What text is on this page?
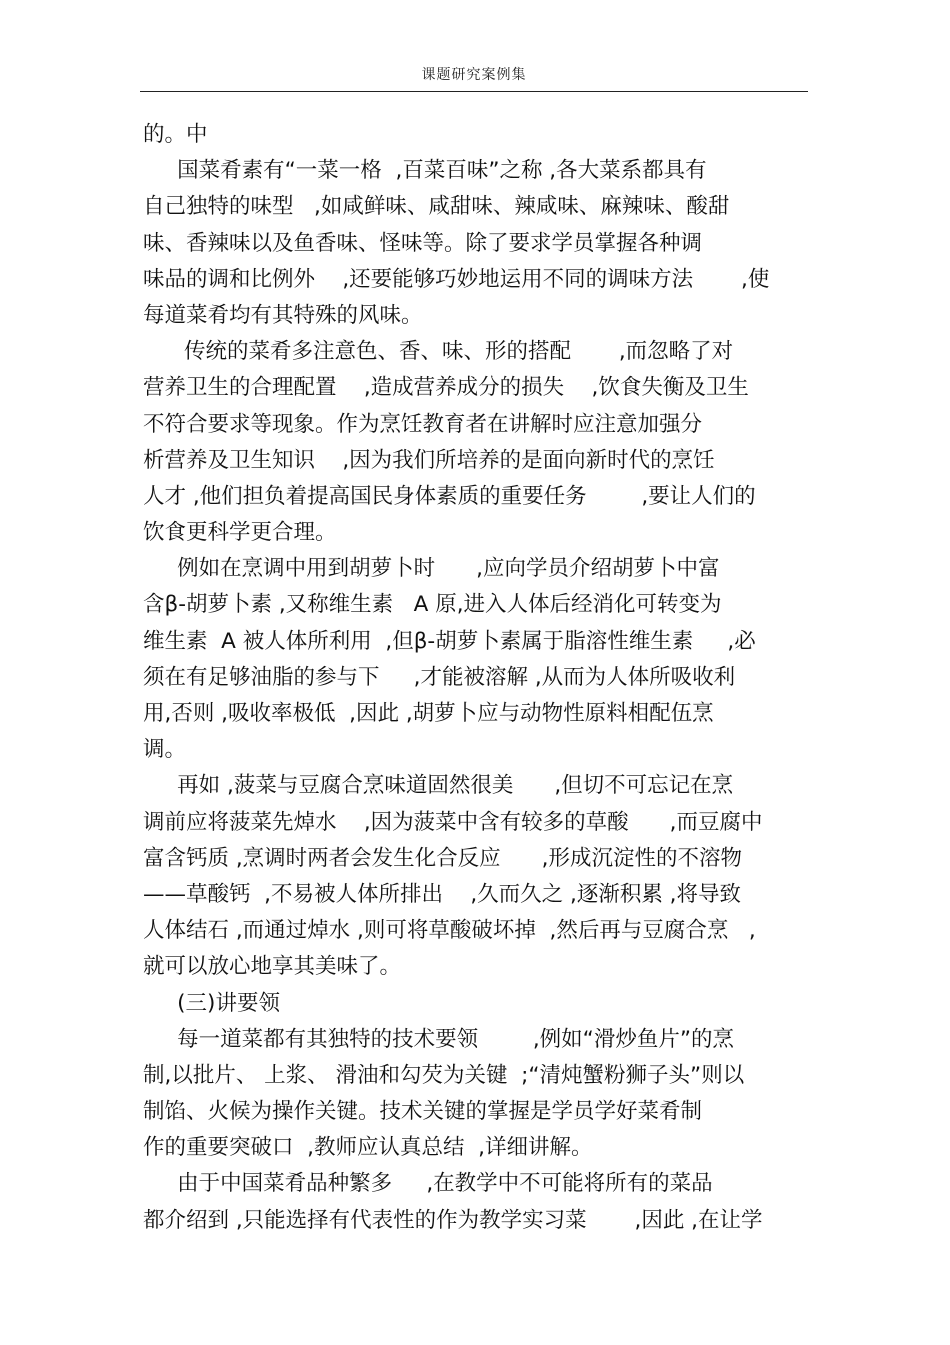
课题研究案例集

的。中

国菜肴素有“一菜一格  ,百菜百味”之称 ,各大菜系都具有

自己独特的味型   ,如咸鲜味、咸甜味、辣咸味、麻辣味、酸甜

味、香辣味以及鱼香味、怪味等。除了要求学员掌握各种调

味品的调和比例外    ,还要能够巧妙地运用不同的调味方法       ,使

每道菜肴均有其特殊的风味。

传统的菜肴多注意色、香、味、形的搭配       ,而忽略了对

营养卫生的合理配置    ,造成营养成分的损失    ,饮食失衡及卫生

不符合要求等现象。作为烹饪教育者在讲解时应注意加强分

析营养及卫生知识    ,因为我们所培养的是面向新时代的烹饪

人才 ,他们担负着提高国民身体素质的重要任务        ,要让人们的

饮食更科学更合理。

例如在烹调中用到胡萝卜时      ,应向学员介绍胡萝卜中富

含β-胡萝卜素 ,又称维生素   A 原,进入人体后经消化可转变为

维生素  A 被人体所利用  ,但β-胡萝卜素属于脂溶性维生素     ,必

须在有足够油脂的参与下     ,才能被溶解 ,从而为人体所吸收利

用,否则 ,吸收率极低  ,因此 ,胡萝卜应与动物性原料相配伍烹

调。

再如 ,菠菜与豆腐合烹味道固然很美      ,但切不可忘记在烹

调前应将菠菜先焯水    ,因为菠菜中含有较多的草酸      ,而豆腐中

富含钙质 ,烹调时两者会发生化合反应      ,形成沉淀性的不溶物

——草酸钙  ,不易被人体所排出    ,久而久之 ,逐渐积累 ,将导致

人体结石 ,而通过焯水 ,则可将草酸破坏掉  ,然后再与豆腐合烹   ,

就可以放心地享其美味了。

(三)讲要领

每一道菜都有其独特的技术要领        ,例如“滑炒鱼片”的烹

制,以批片、 上浆、 滑油和勾芡为关键  ;“清炖蟹粉狮子头”则以

制馅、火候为操作关键。技术关键的掌握是学员学好菜肴制

作的重要突破口  ,教师应认真总结  ,详细讲解。

由于中国菜肴品种繁多     ,在教学中不可能将所有的菜品

都介绍到 ,只能选择有代表性的作为教学实习菜       ,因此 ,在让学
